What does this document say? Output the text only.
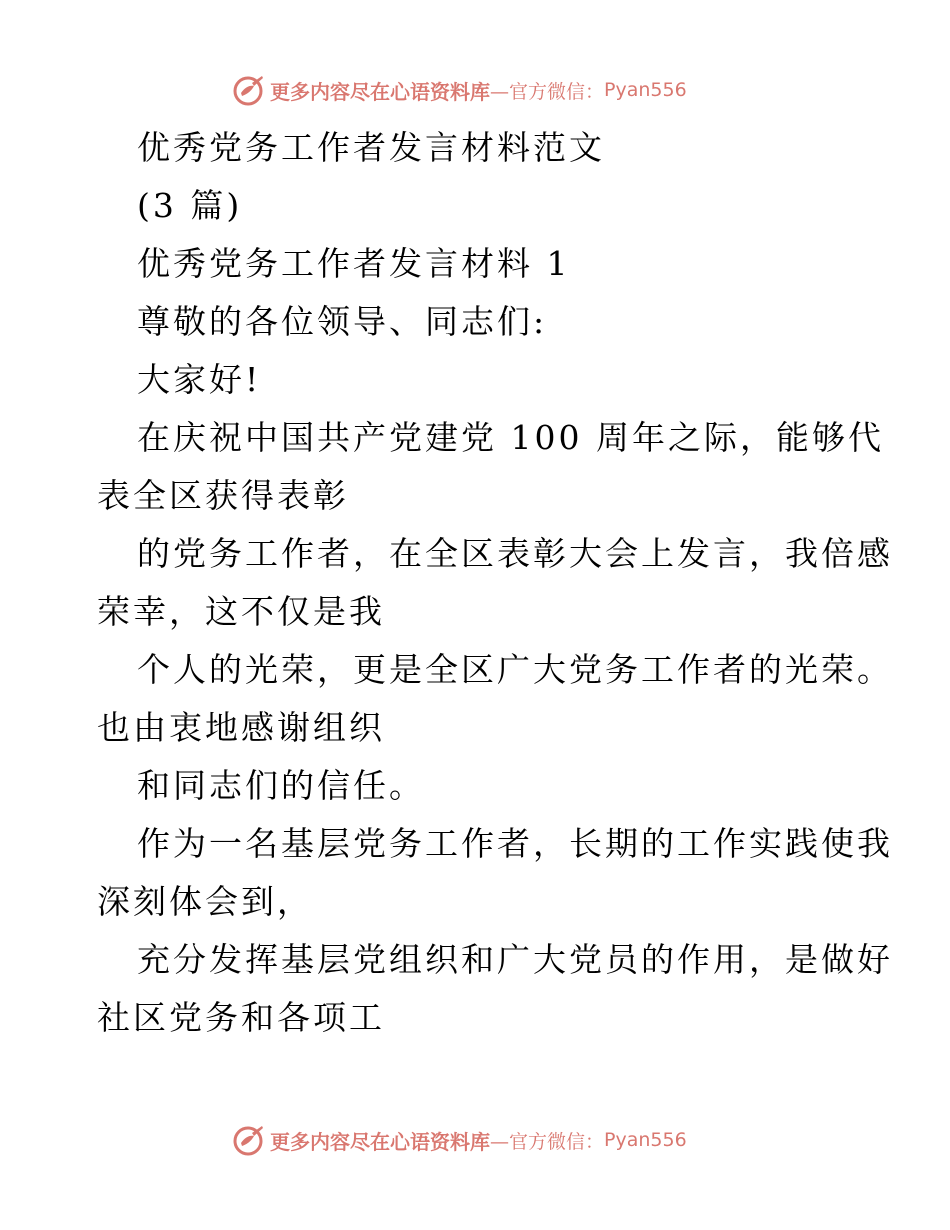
更多内容尽在心语资料库 —官方微信： Pyan556
优秀党务工作者发言材料范文
(3 篇)
优秀党务工作者发言材料 1
尊敬的各位领导、同志们:
大家好!
在庆祝中国共产党建党 100 周年之际，能够代
表全区获得表彰
的党务工作者，在全区表彰大会上发言，我倍感
荣幸，这不仅是我
个人的光荣，更是全区广大党务工作者的光荣。
也由衷地感谢组织
和同志们的信任。
作为一名基层党务工作者，长期的工作实践使我
深刻体会到，
充分发挥基层党组织和广大党员的作用，是做好
社区党务和各项工
更多内容尽在心语资料库 —官方微信： Pyan556
